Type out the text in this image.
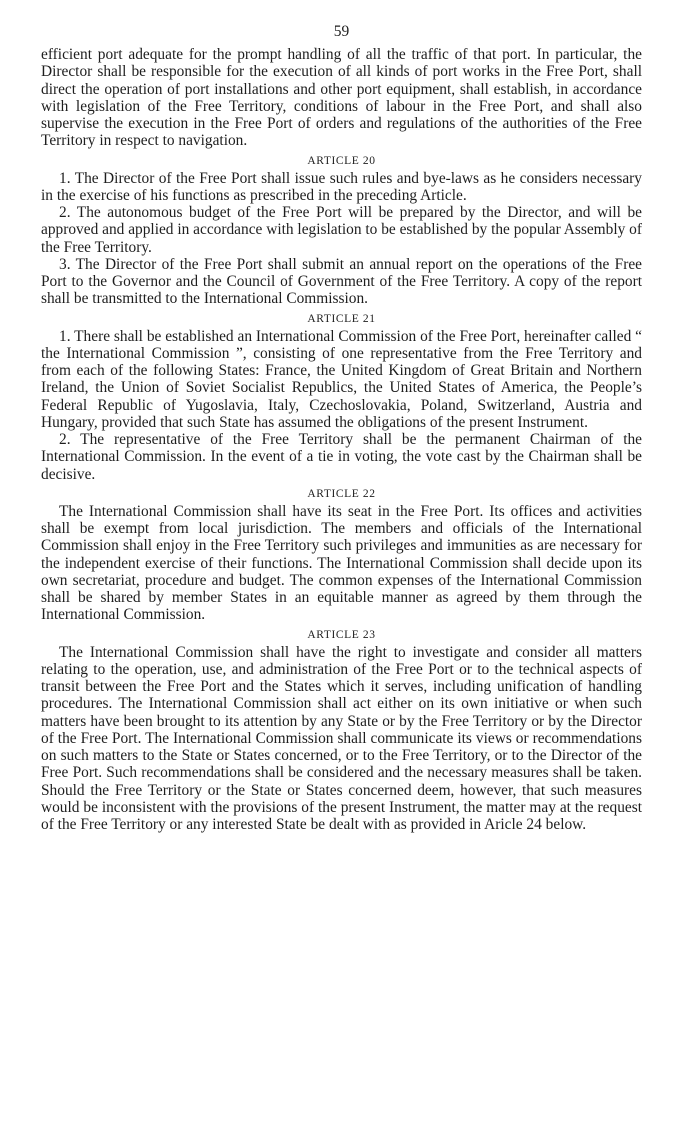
59

efficient port adequate for the prompt handling of all the traffic of that port. In particular, the Director shall be responsible for the execution of all kinds of port works in the Free Port, shall direct the operation of port installations and other port equipment, shall establish, in accordance with legislation of the Free Territory, conditions of labour in the Free Port, and shall also supervise the execution in the Free Port of orders and regulations of the authorities of the Free Territory in respect to navigation.

ARTICLE 20

1. The Director of the Free Port shall issue such rules and bye-laws as he considers necessary in the exercise of his functions as prescribed in the preceding Article.

2. The autonomous budget of the Free Port will be prepared by the Director, and will be approved and applied in accordance with legislation to be established by the popular Assembly of the Free Territory.

3. The Director of the Free Port shall submit an annual report on the operations of the Free Port to the Governor and the Council of Government of the Free Territory. A copy of the report shall be transmitted to the International Commission.

ARTICLE 21

1. There shall be established an International Commission of the Free Port, hereinafter called “ the International Commission ”, consisting of one representative from the Free Territory and from each of the following States: France, the United Kingdom of Great Britain and Northern Ireland, the Union of Soviet Socialist Republics, the United States of America, the People’s Federal Republic of Yugoslavia, Italy, Czechoslovakia, Poland, Switzerland, Austria and Hungary, provided that such State has assumed the obligations of the present Instrument.

2. The representative of the Free Territory shall be the permanent Chairman of the International Commission. In the event of a tie in voting, the vote cast by the Chairman shall be decisive.

ARTICLE 22

The International Commission shall have its seat in the Free Port. Its offices and activities shall be exempt from local jurisdiction. The members and officials of the International Commission shall enjoy in the Free Territory such privileges and immunities as are necessary for the independent exercise of their functions. The International Commission shall decide upon its own secretariat, procedure and budget. The common expenses of the International Commission shall be shared by member States in an equitable manner as agreed by them through the International Commission.

ARTICLE 23

The International Commission shall have the right to investigate and consider all matters relating to the operation, use, and administration of the Free Port or to the technical aspects of transit between the Free Port and the States which it serves, including unification of handling procedures. The International Commission shall act either on its own initiative or when such matters have been brought to its attention by any State or by the Free Territory or by the Director of the Free Port. The International Commission shall communicate its views or recommendations on such matters to the State or States concerned, or to the Free Territory, or to the Director of the Free Port. Such recommendations shall be considered and the necessary measures shall be taken. Should the Free Territory or the State or States concerned deem, however, that such measures would be inconsistent with the provisions of the present Instrument, the matter may at the request of the Free Territory or any interested State be dealt with as provided in Aricle 24 below.
